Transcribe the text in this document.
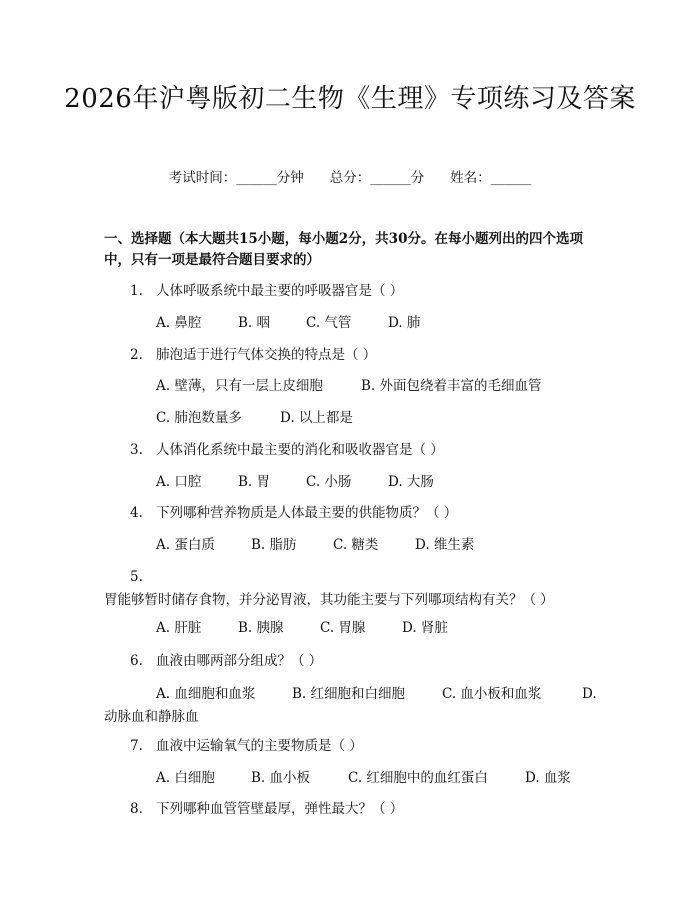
2026年沪粤版初二生物《生理》专项练习及答案
考试时间：______分钟 总分：______分 姓名：______
一、选择题（本大题共15小题，每小题2分，共30分。在每小题列出的四个选项中，只有一项是最符合题目要求的）
1. 人体呼吸系统中最主要的呼吸器官是（ ）
A. 鼻腔	B. 咽	C. 气管	D. 肺
2. 肺泡适于进行气体交换的特点是（ ）
A. 壁薄，只有一层上皮细胞	B. 外面包绕着丰富的毛细血管
C. 肺泡数量多	D. 以上都是
3. 人体消化系统中最主要的消化和吸收器官是（ ）
A. 口腔	B. 胃	C. 小肠	D. 大肠
4. 下列哪种营养物质是人体最主要的供能物质？（ ）
A. 蛋白质	B. 脂肪	C. 糖类	D. 维生素
5.胃能够暂时储存食物，并分泌胃液，其功能主要与下列哪项结构有关？（ ）
A. 肝脏	B. 胰腺	C. 胃腺	D. 肾脏
6. 血液由哪两部分组成？（ ）
A. 血细胞和血浆	B. 红细胞和白细胞	C. 血小板和血浆	D. 动脉血和静脉血
7. 血液中运输氧气的主要物质是（ ）
A. 白细胞	B. 血小板	C. 红细胞中的血红蛋白	D. 血浆
8. 下列哪种血管管壁最厚，弹性最大？（ ）
